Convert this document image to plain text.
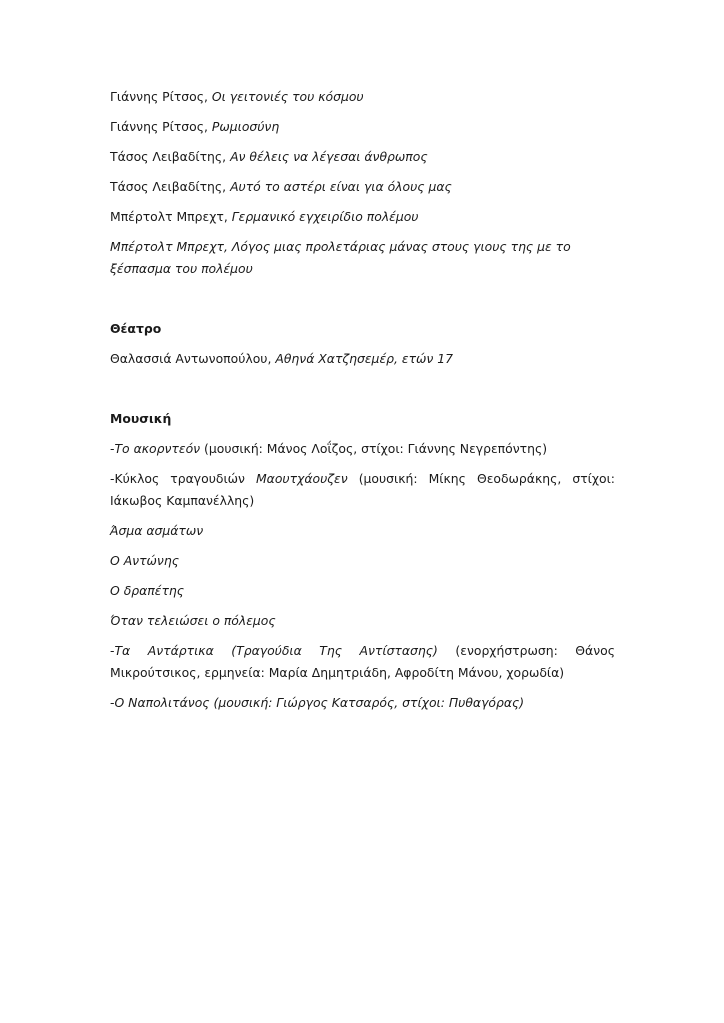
Γιάννης Ρίτσος, Οι γειτονιές του κόσμου

Γιάννης Ρίτσος, Ρωμιοσύνη

Τάσος Λειβαδίτης, Αν θέλεις να λέγεσαι άνθρωπος

Τάσος Λειβαδίτης, Αυτό το αστέρι είναι για όλους μας

Μπέρτολτ Μπρεχτ, Γερμανικό εγχειρίδιο πολέμου

Μπέρτολτ Μπρεχτ, Λόγος μιας προλετάριας μάνας στους γιους της με το ξέσπασμα του πολέμου

Θέατρο

Θαλασσιά Αντωνοπούλου, Αθηνά Χατζησεμέρ, ετών 17

Μουσική

-Το ακορντεόν (μουσική: Μάνος Λοΐζος, στίχοι: Γιάννης Νεγρεπόντης)

-Κύκλος τραγουδιών Μαουτχάουζεν (μουσική: Μίκης Θεοδωράκης, στίχοι: Ιάκωβος Καμπανέλλης)

Άσμα ασμάτων

Ο Αντώνης

Ο δραπέτης

Όταν τελειώσει ο πόλεμος

-Τα Αντάρτικα (Τραγούδια Της Αντίστασης) (ενορχήστρωση: Θάνος Μικρούτσικος, ερμηνεία: Μαρία Δημητριάδη, Αφροδίτη Μάνου, χορωδία)

-Ο Ναπολιτάνος (μουσική: Γιώργος Κατσαρός, στίχοι: Πυθαγόρας)
